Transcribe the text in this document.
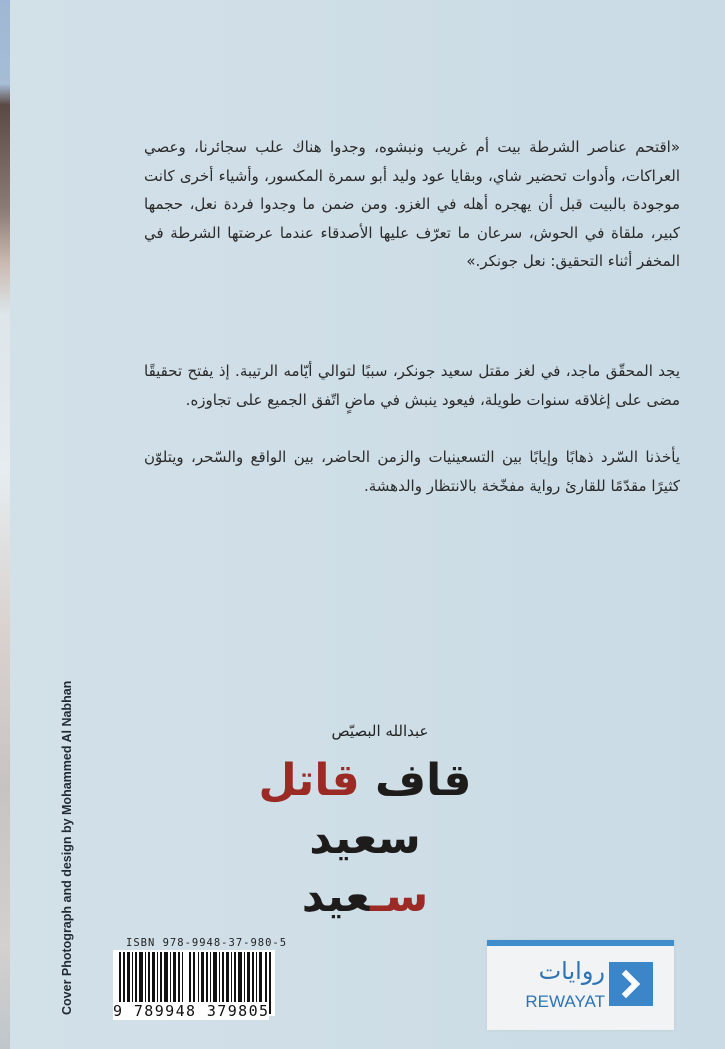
«اقتحم عناصر الشرطة بيت أم غريب ونبشوه، وجدوا هناك علب سجائرنا، وعصي العراكات، وأدوات تحضير شاي، وبقايا عود وليد أبو سمرة المكسور، وأشياء أخرى كانت موجودة بالبيت قبل أن يهجره أهله في الغزو. ومن ضمن ما وجدوا فردة نعل، حجمها كبير، ملقاة في الحوش، سرعان ما تعرّف عليها الأصدقاء عندما عرضتها الشرطة في المخفر أثناء التحقيق: نعل جونكر.»

يجد المحقّق ماجد، في لغز مقتل سعيد جونكر، سببًا لتوالي أيّامه الرتيبة. إذ يفتح تحقيقًا مضى على إغلاقه سنوات طويلة، فيعود ينبش في ماضٍ اتّفق الجميع على تجاوزه.

يأخذنا السّرد ذهابًا وإيابًا بين التسعينيات والزمن الحاضر، بين الواقع والسّحر، ويتلوّن كثيرًا مقدّمًا للقارئ رواية مفخّخة بالانتظار والدهشة.

عبدالله البصيّص
قاف قاتل
سعيد سـعيد
Cover Photograph and design by Mohammed Al Nabhan	ISBN 978-9948-37-980-5
9 789948 379805
روايات
REWAYAT
